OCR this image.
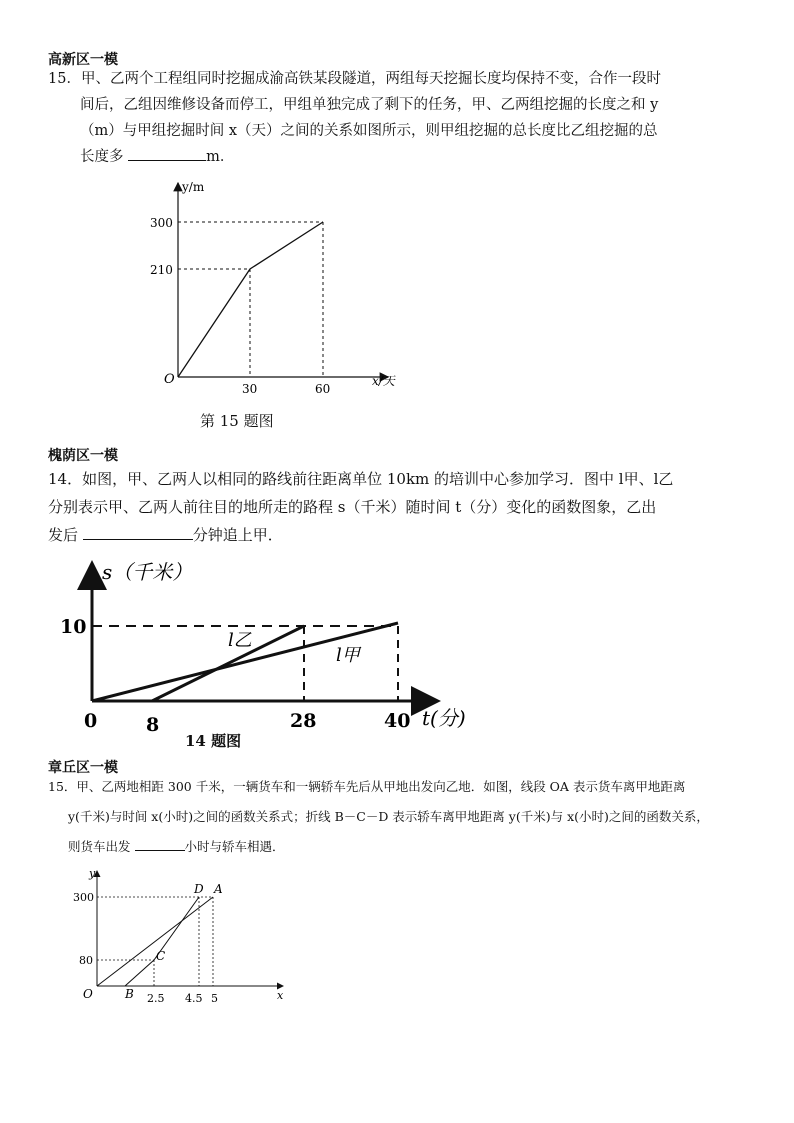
高新区一模
15．甲、乙两个工程组同时挖掘成渝高铁某段隧道，两组每天挖掘长度均保持不变，合作一段时
间后，乙组因维修设备而停工，甲组单独完成了剩下的任务，甲、乙两组挖掘的长度之和 y
（m）与甲组挖掘时间 x（天）之间的关系如图所示，则甲组挖掘的总长度比乙组挖掘的总
长度多	m．
y/m
x/天
O
300
210
30	60
第 15 题图
槐荫区一模
14．如图，甲、乙两人以相同的路线前往距离单位 10km 的培训中心参加学习．图中 l甲、l乙
分别表示甲、乙两人前往目的地所走的路程 s（千米）随时间 t（分）变化的函数图象，乙出
发后	分钟追上甲．
s（千米）
t(分)
10
0	8	28	40
l乙
l甲
14 题图
章丘区一模
15．甲、乙两地相距 300 千米，一辆货车和一辆轿车先后从甲地出发向乙地．如图，线段 OA 表示货车离甲地距离
y(千米)与时间 x(小时)之间的函数关系式；折线 B－C－D 表示轿车离甲地距离 y(千米)与 x(小时)之间的函数关系，
则货车出发	小时与轿车相遇．
y
x
O
300
80
2.5 4.5 5
D A
C
B
